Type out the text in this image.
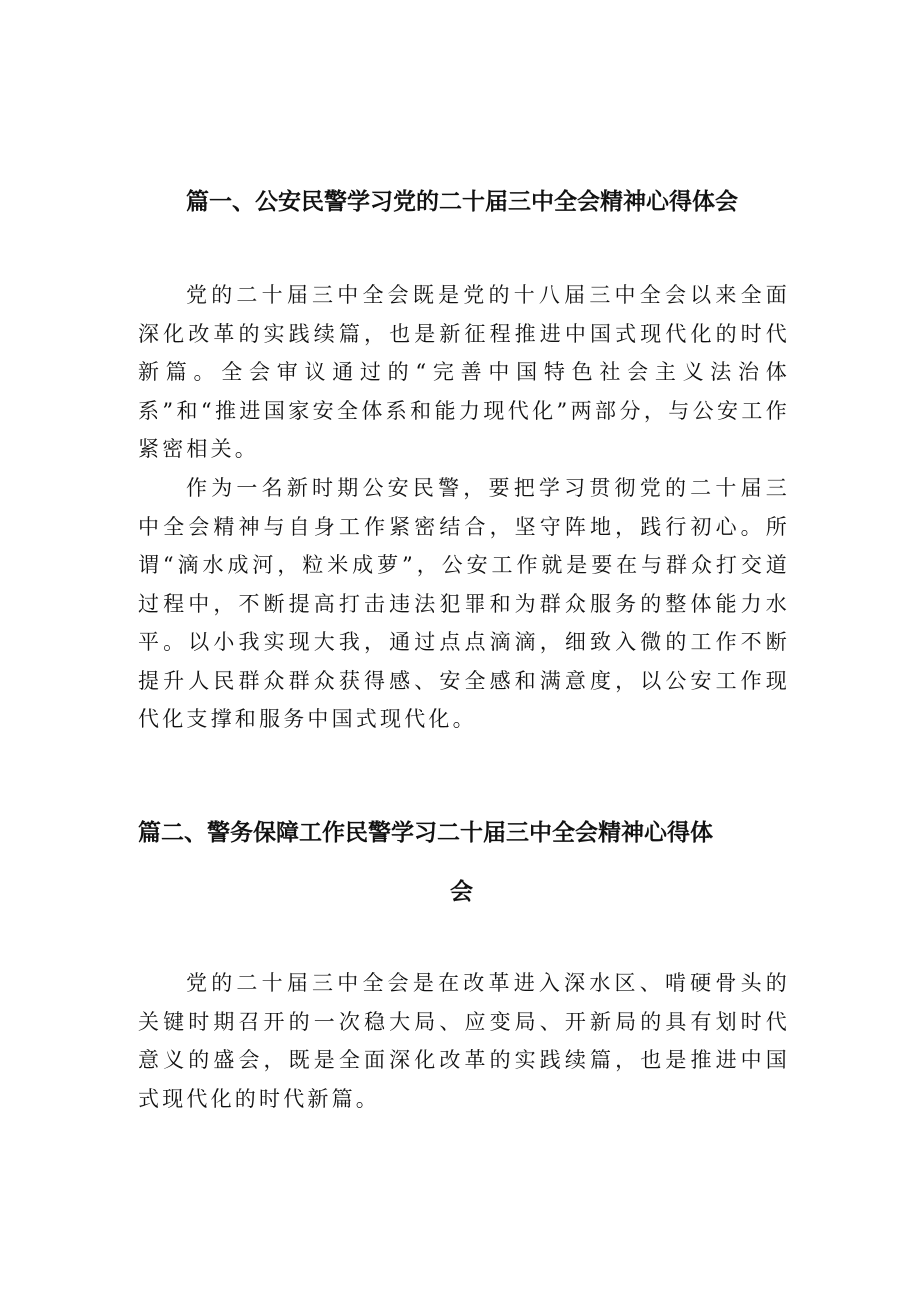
篇一、公安民警学习党的二十届三中全会精神心得体会

党的二十届三中全会既是党的十八届三中全会以来全面深化改革的实践续篇，也是新征程推进中国式现代化的时代新篇。全会审议通过的“完善中国特色社会主义法治体系”和“推进国家安全体系和能力现代化”两部分，与公安工作紧密相关。

作为一名新时期公安民警，要把学习贯彻党的二十届三中全会精神与自身工作紧密结合，坚守阵地，践行初心。所谓“滴水成河，粒米成萝”，公安工作就是要在与群众打交道过程中，不断提高打击违法犯罪和为群众服务的整体能力水平。以小我实现大我，通过点点滴滴，细致入微的工作不断提升人民群众群众获得感、安全感和满意度，以公安工作现代化支撑和服务中国式现代化。

篇二、警务保障工作民警学习二十届三中全会精神心得体
会

党的二十届三中全会是在改革进入深水区、啃硬骨头的关键时期召开的一次稳大局、应变局、开新局的具有划时代意义的盛会，既是全面深化改革的实践续篇，也是推进中国式现代化的时代新篇。
